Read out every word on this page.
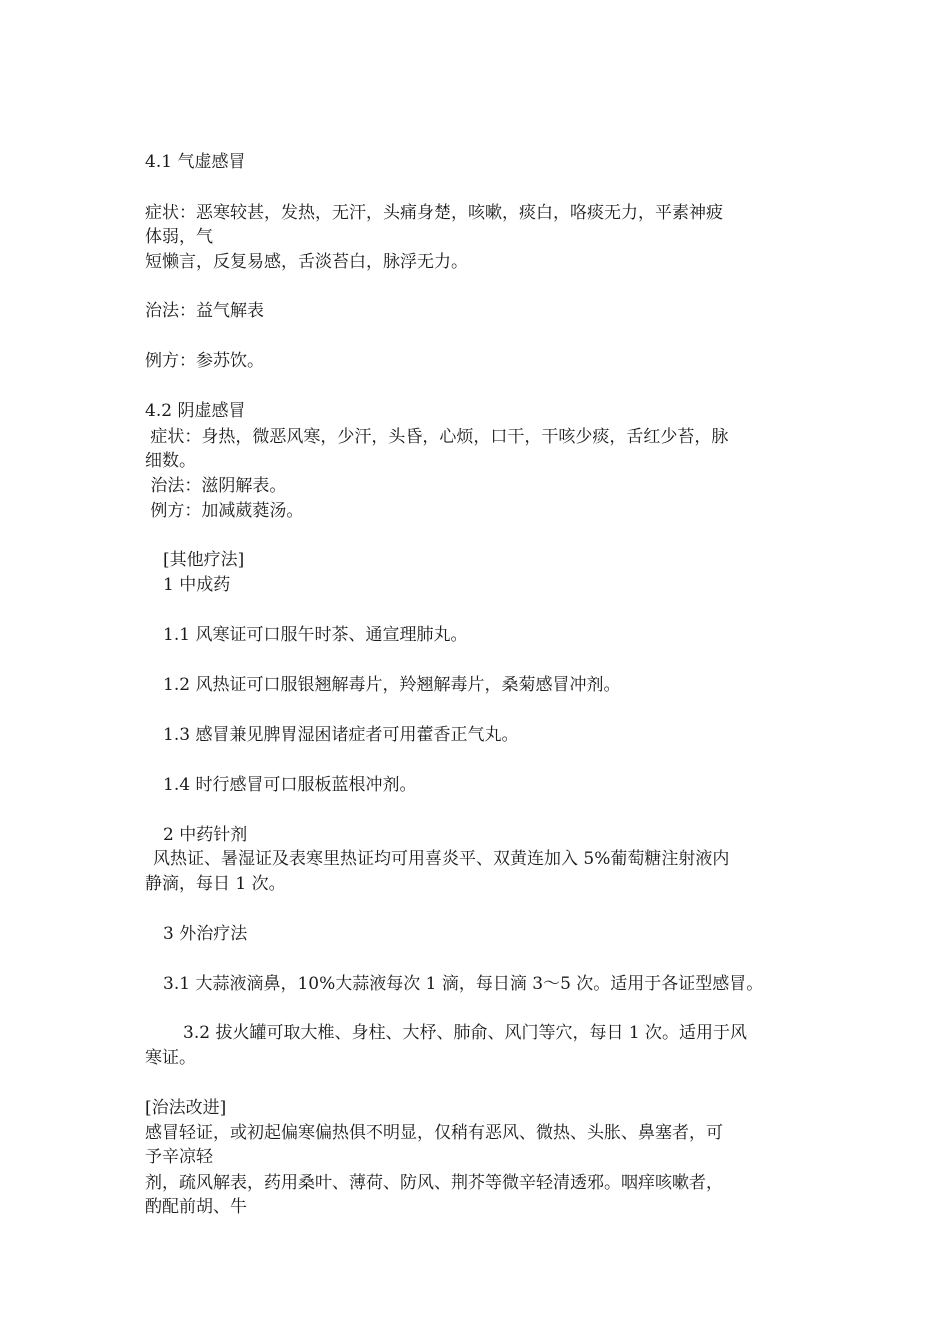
4.1 气虚感冒
症状：恶寒较甚，发热，无汗，头痛身楚，咳嗽，痰白，咯痰无力，平素神疲
体弱，气
短懒言，反复易感，舌淡苔白，脉浮无力。
治法：益气解表
例方：参苏饮。
4.2 阴虚感冒
症状：身热，微恶风寒，少汗，头昏，心烦，口干，干咳少痰，舌红少苔，脉
细数。
治法：滋阴解表。
例方：加减葳蕤汤。
[其他疗法]
1 中成药
1.1 风寒证可口服午时茶、通宣理肺丸。
1.2 风热证可口服银翘解毒片，羚翘解毒片，桑菊感冒冲剂。
1.3 感冒兼见脾胃湿困诸症者可用藿香正气丸。
1.4 时行感冒可口服板蓝根冲剂。
2 中药针剂
风热证、暑湿证及表寒里热证均可用喜炎平、双黄连加入 5%葡萄糖注射液内
静滴，每日 1 次。
3 外治疗法
3.1 大蒜液滴鼻，10%大蒜液每次 1 滴，每日滴 3～5 次。适用于各证型感冒。
3.2 拔火罐可取大椎、身柱、大杼、肺俞、风门等穴，每日 1 次。适用于风
寒证。
[治法改进]
感冒轻证，或初起偏寒偏热俱不明显，仅稍有恶风、微热、头胀、鼻塞者，可
予辛凉轻
剂，疏风解表，药用桑叶、薄荷、防风、荆芥等微辛轻清透邪。咽痒咳嗽者，
酌配前胡、牛
